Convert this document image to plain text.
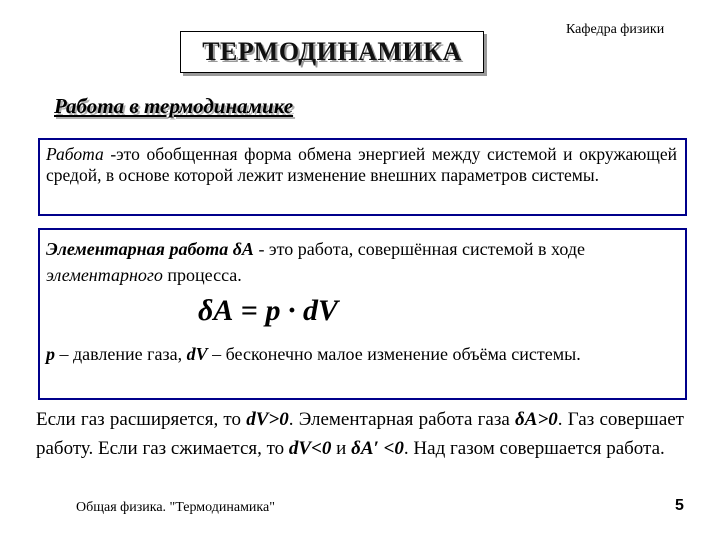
Кафедра физики
ТЕРМОДИНАМИКА
Работа в термодинамике
Работа -это обобщенная форма обмена энергией между системой и окружающей средой, в основе которой лежит изменение внешних параметров системы.
Элементарная работа δА - это работа, совершённая системой в ходе элементарного процесса.
δА = p · dV
p – давление газа, dV – бесконечно малое изменение объёма системы.
Если газ расширяется, то dV>0. Элементарная работа газа δА>0. Газ совершает работу. Если газ сжимается, то dV<0 и δА′ <0. Над газом совершается работа.
Общая физика. "Термодинамика"	5
